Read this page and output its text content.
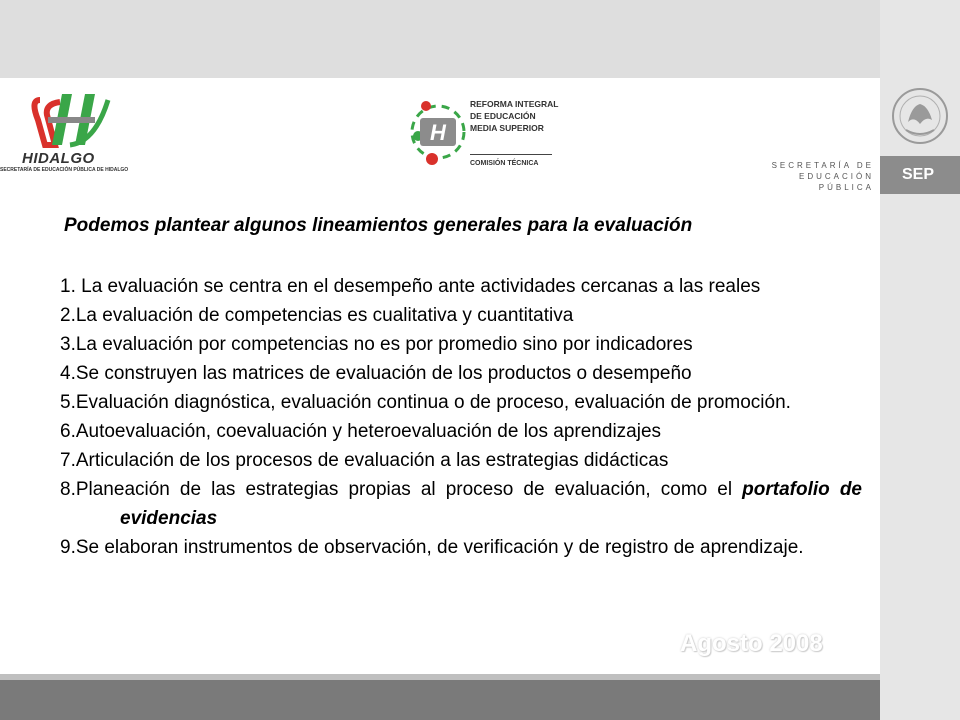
HIDALGO
SECRETARÍA DE EDUCACIÓN PÚBLICA DE HIDALGO
H
REFORMA INTEGRAL
DE EDUCACIÓN
MEDIA SUPERIOR
COMISIÓN TÉCNICA	SECRETARÍA DE
EDUCACIÓN PÚBLICA
SEP
Podemos plantear algunos lineamientos generales para la evaluación
1. La evaluación se centra en el desempeño ante actividades cercanas a las reales
2.La evaluación de competencias es cualitativa y cuantitativa
3.La evaluación por competencias no es por promedio sino por indicadores
4.Se construyen las matrices de evaluación de los productos o desempeño
5.Evaluación diagnóstica, evaluación continua o de proceso, evaluación de promoción.
6.Autoevaluación, coevaluación y heteroevaluación de los aprendizajes
7.Articulación de los procesos de evaluación a las estrategias didácticas
8.Planeación de las estrategias propias al proceso de evaluación, como el portafolio de evidencias
9.Se elaboran instrumentos de observación, de verificación y de registro de aprendizaje.
Agosto 2008
